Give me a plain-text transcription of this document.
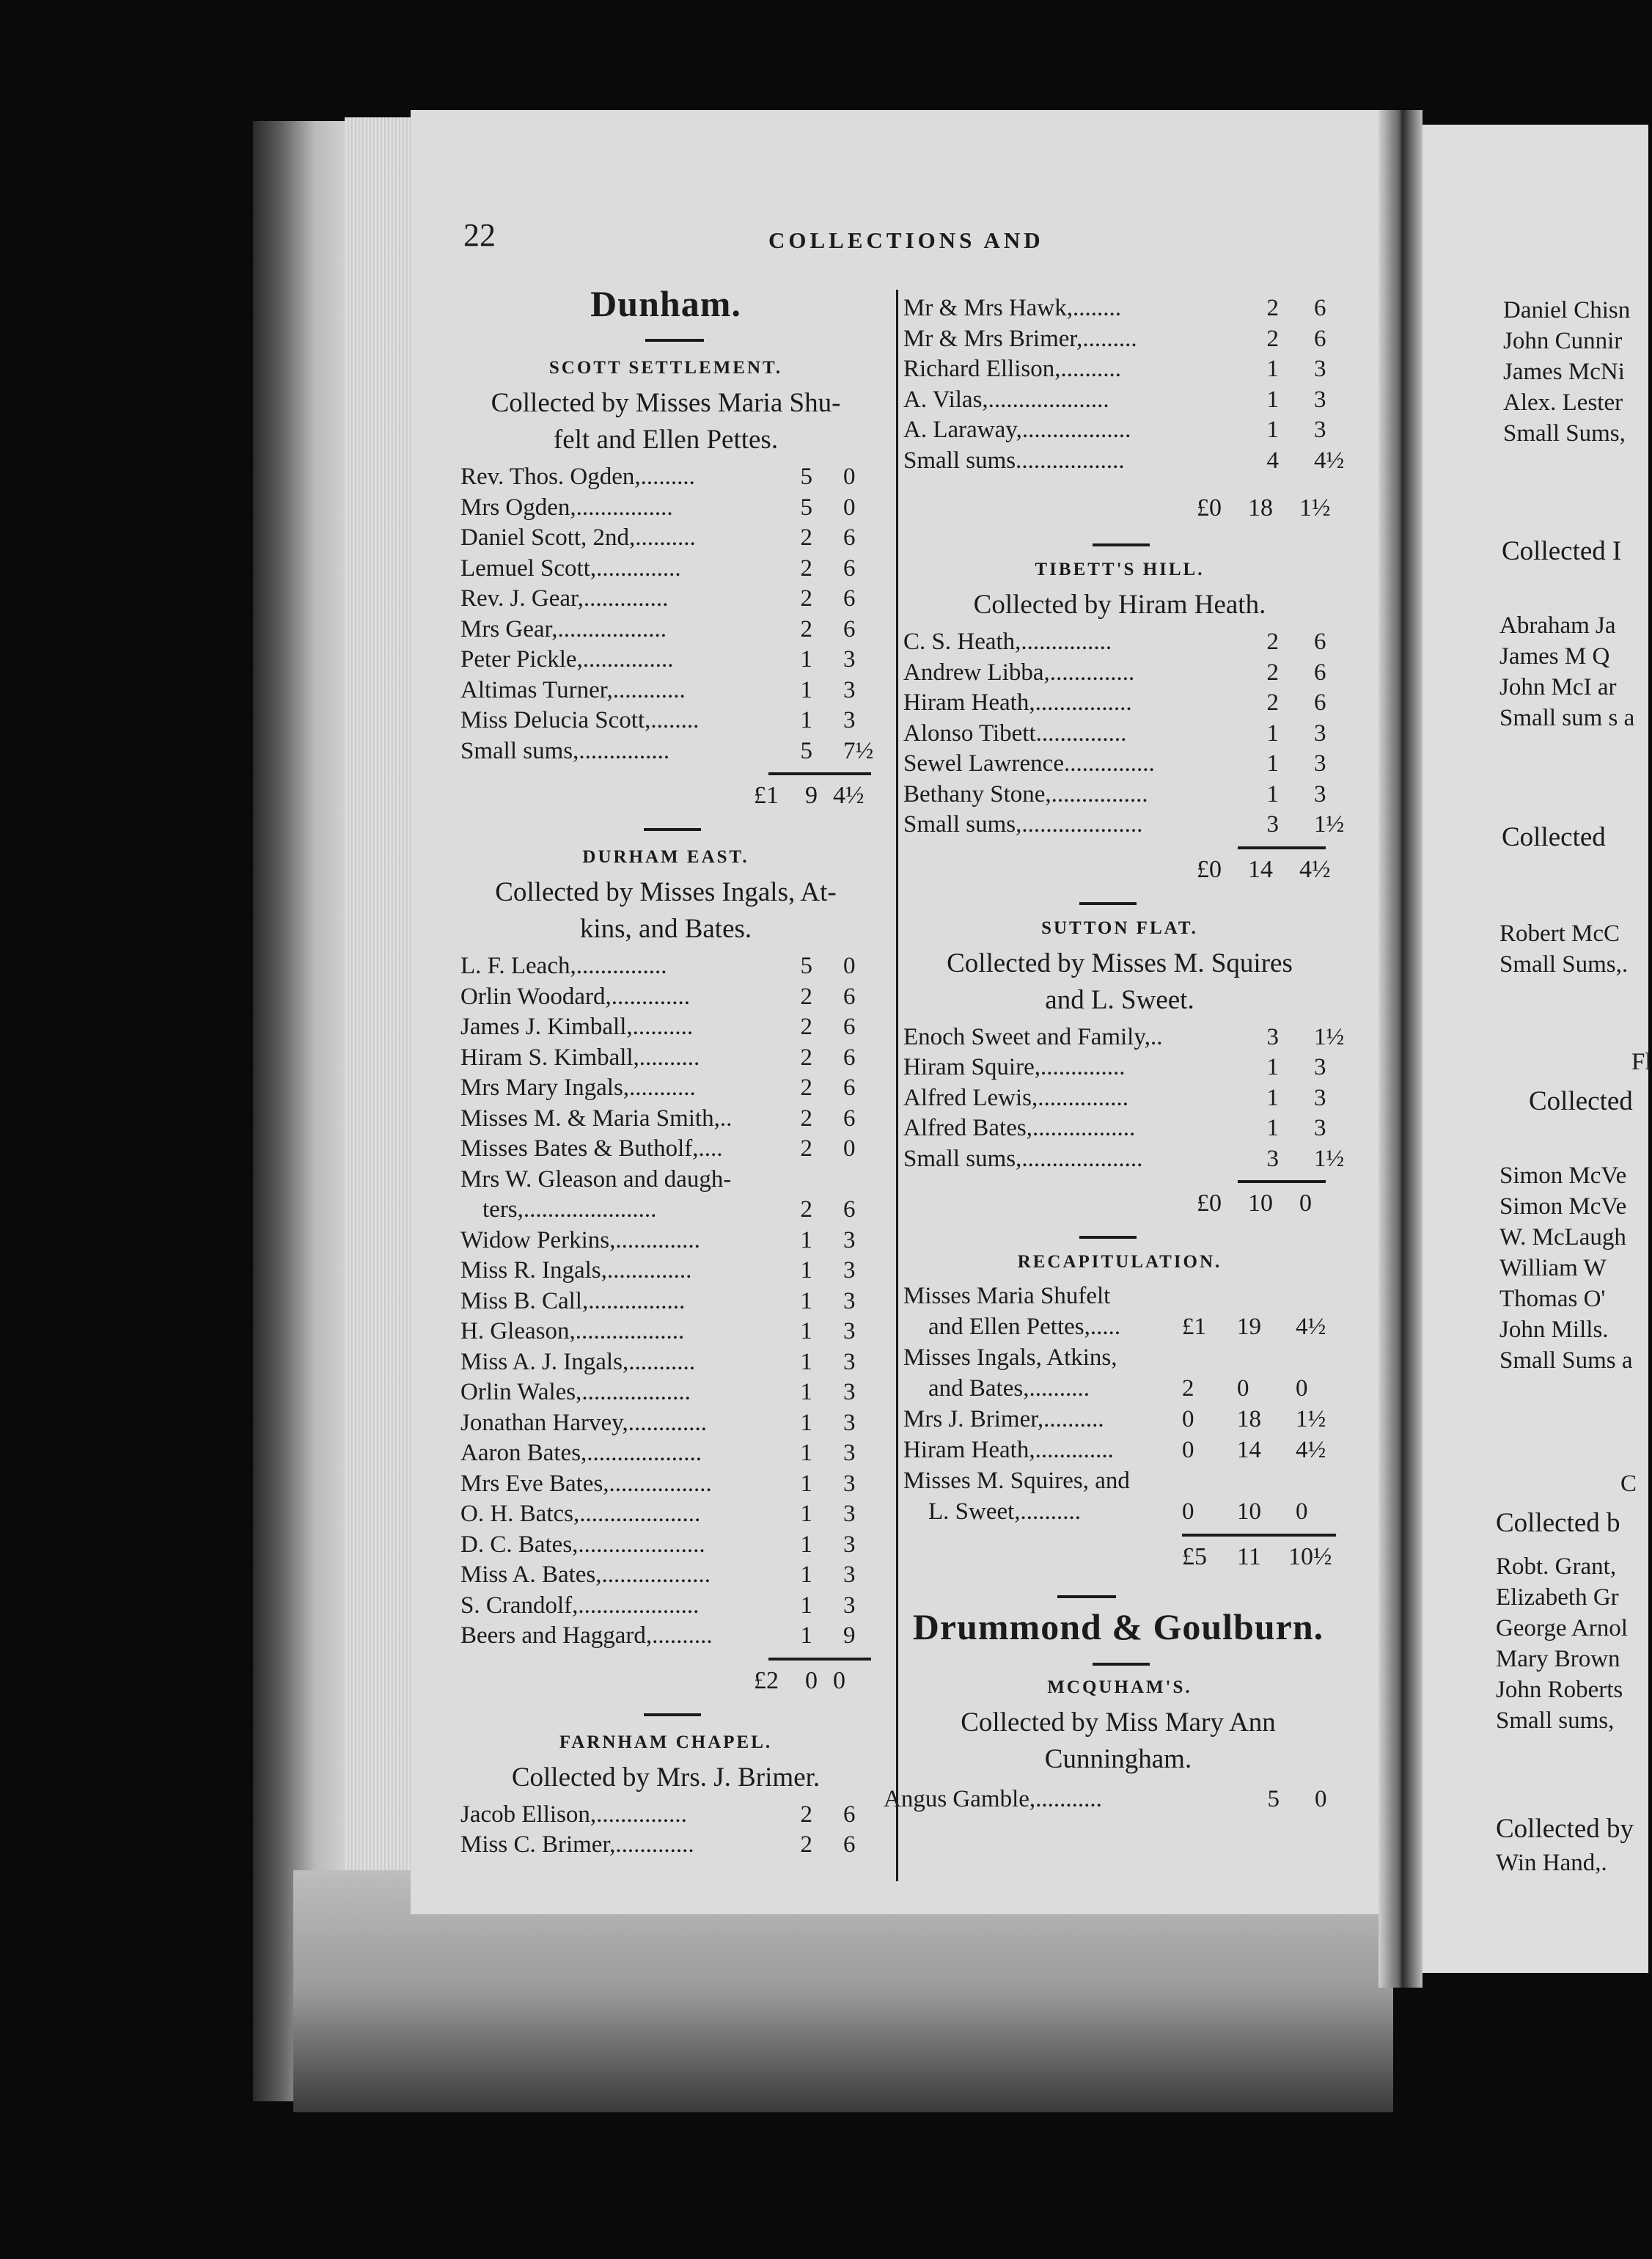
22	COLLECTIONS AND
Dunham.
SCOTT SETTLEMENT.
Collected by Misses Maria Shu-
felt and Ellen Pettes.
Rev. Thos. Ogden,.........	5 0
Mrs Ogden,................	5 0
Daniel Scott, 2nd,..........	2 6
Lemuel Scott,..............	2 6
Rev. J. Gear,..............	2 6
Mrs Gear,..................	2 6
Peter Pickle,...............	1 3
Altimas Turner,............	1 3
Miss Delucia Scott,........	1 3
Small sums,...............	5 7½
£1 9 4½
DURHAM EAST.
Collected by Misses Ingals, At-
kins, and Bates.
L. F. Leach,...............	5 0
Orlin Woodard,.............	2 6
James J. Kimball,..........	2 6
Hiram S. Kimball,..........	2 6
Mrs Mary Ingals,...........	2 6
Misses M. & Maria Smith,..	2 6
Misses Bates & Butholf,....	2 0
Mrs W. Gleason and daugh-
ters,......................	2 6
Widow Perkins,..............	1 3
Miss R. Ingals,..............	1 3
Miss B. Call,................	1 3
H. Gleason,..................	1 3
Miss A. J. Ingals,...........	1 3
Orlin Wales,..................	1 3
Jonathan Harvey,.............	1 3
Aaron Bates,...................	1 3
Mrs Eve Bates,.................	1 3
O. H. Batcs,....................	1 3
D. C. Bates,.....................	1 3
Miss A. Bates,..................	1 3
S. Crandolf,....................	1 3
Beers and Haggard,..........	1 9
£2 0 0
FARNHAM CHAPEL.
Collected by Mrs. J. Brimer.
Jacob Ellison,...............	2 6
Miss C. Brimer,.............	2 6
Mr & Mrs Hawk,........	2 6
Mr & Mrs Brimer,.........	2 6
Richard Ellison,..........	1 3
A. Vilas,....................	1 3
A. Laraway,..................	1 3
Small sums..................	4 4½
£0 18 1½
TIBETT'S HILL.
Collected by Hiram Heath.
C. S. Heath,...............	2 6
Andrew Libba,..............	2 6
Hiram Heath,................	2 6
Alonso Tibett...............	1 3
Sewel Lawrence...............	1 3
Bethany Stone,................	1 3
Small sums,....................	3 1½
£0 14 4½
SUTTON FLAT.
Collected by Misses M. Squires
and L. Sweet.
Enoch Sweet and Family,..	3 1½
Hiram Squire,..............	1 3
Alfred Lewis,...............	1 3
Alfred Bates,.................	1 3
Small sums,....................	3 1½
£0 10 0
RECAPITULATION.
Misses Maria Shufelt
and Ellen Pettes,.....	£1 19 4½
Misses Ingals, Atkins,
and Bates,..........	2 0 0
Mrs J. Brimer,..........	0 18 1½
Hiram Heath,.............	0 14 4½
Misses M. Squires, and
L. Sweet,..........	0 10 0
£5 11 10½
Drummond & Goulburn.
MCQUHAM'S.
Collected by Miss Mary Ann
Cunningham.
Angus Gamble,...........	5 0
Daniel Chisn
John Cunnir
James McNi
Alex. Lester
Small Sums,
Collected I
Abraham Ja
James M Q
John McI ar
Small sum s a
Collected
Robert McC
Small Sums,.
Fl
Collected
Simon McVe
Simon McVe
W. McLaugh
William W
Thomas O'
John Mills.
Small Sums a
C
Collected b
Robt. Grant,
Elizabeth Gr
George Arnol
Mary Brown
John Roberts
Small sums,
Collected by
Win Hand,.
